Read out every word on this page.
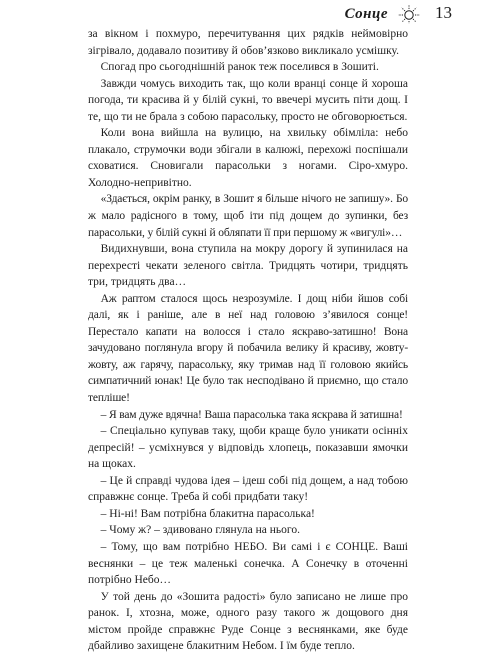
Сонце	13

за вікном і похмуро, перечитування цих рядків неймовірно зігрівало, додавало позитиву й обов’язково викликало усмішку.

Спогад про сьогоднішній ранок теж поселився в Зошиті.

Завжди чомусь виходить так, що коли вранці сонце й хороша погода, ти красива й у білій сукні, то ввечері мусить піти дощ. І те, що ти не брала з собою парасольку, просто не обговорюється.

Коли вона вийшла на вулицю, на хвильку обімліла: небо плакало, струмочки води збігали в калюжі, перехожі поспішали сховатися. Сновигали парасольки з ногами. Сіро-хмуро. Холодно-непривітно.

«Здається, окрім ранку, в Зошит я більше нічого не запишу». Бо ж мало радісного в тому, щоб іти під дощем до зупинки, без парасольки, у білій сукні й обляпати її при першому ж «вигулі»…

Видихнувши, вона ступила на мокру дорогу й зупинилася на перехресті чекати зеленого світла. Тридцять чотири, тридцять три, тридцять два…

Аж раптом сталося щось незрозуміле. І дощ ніби йшов собі далі, як і раніше, але в неї над головою з’явилося сонце! Перестало капати на волосся і стало яскраво-затишно! Вона зачудовано поглянула вгору й побачила велику й красиву, жовту-жовту, аж гарячу, парасольку, яку тримав над її головою якийсь симпатичний юнак! Це було так несподівано й приємно, що стало тепліше!

– Я вам дуже вдячна! Ваша парасолька така яскрава й затишна!

– Спеціально купував таку, щоби краще було уникати осінніх депресій! – усміхнувся у відповідь хлопець, показавши ямочки на щоках.

– Це й справді чудова ідея – ідеш собі під дощем, а над тобою справжнє сонце. Треба й собі придбати таку!

– Ні-ні! Вам потрібна блакитна парасолька!

– Чому ж? – здивовано глянула на нього.

– Тому, що вам потрібно НЕБО. Ви самі і є СОНЦЕ. Ваші веснянки – це теж маленькі сонечка. А Сонечку в оточенні потрібно Небо…

У той день до «Зошита радості» було записано не лише про ранок. І, хтозна, може, одного разу такого ж дощового дня містом пройде справжнє Руде Сонце з веснянками, яке буде дбайливо захищене блакитним Небом. І їм буде тепло.
